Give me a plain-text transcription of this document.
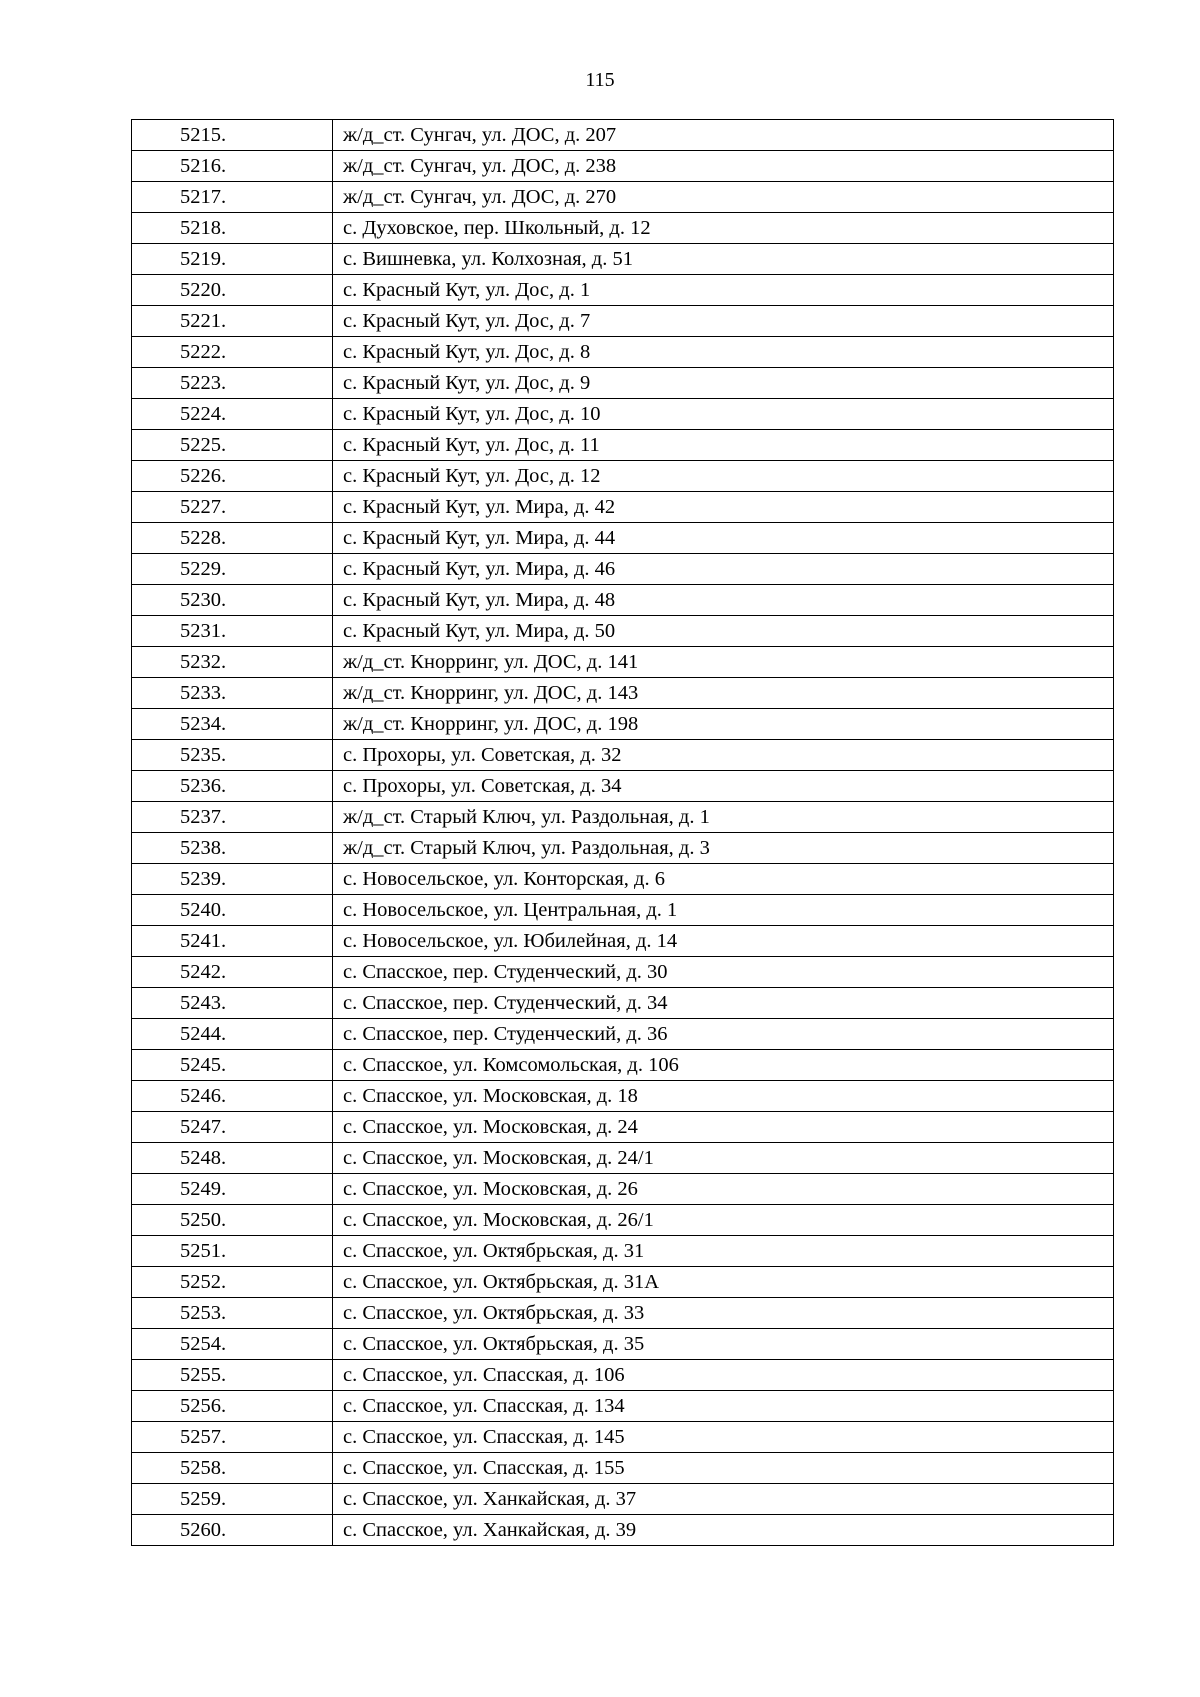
115
5215.	ж/д_ст. Сунгач, ул. ДОС, д. 207
5216.	ж/д_ст. Сунгач, ул. ДОС, д. 238
5217.	ж/д_ст. Сунгач, ул. ДОС, д. 270
5218.	с. Духовское, пер. Школьный, д. 12
5219.	с. Вишневка, ул. Колхозная, д. 51
5220.	с. Красный Кут, ул. Дос, д. 1
5221.	с. Красный Кут, ул. Дос, д. 7
5222.	с. Красный Кут, ул. Дос, д. 8
5223.	с. Красный Кут, ул. Дос, д. 9
5224.	с. Красный Кут, ул. Дос, д. 10
5225.	с. Красный Кут, ул. Дос, д. 11
5226.	с. Красный Кут, ул. Дос, д. 12
5227.	с. Красный Кут, ул. Мира, д. 42
5228.	с. Красный Кут, ул. Мира, д. 44
5229.	с. Красный Кут, ул. Мира, д. 46
5230.	с. Красный Кут, ул. Мира, д. 48
5231.	с. Красный Кут, ул. Мира, д. 50
5232.	ж/д_ст. Кнорринг, ул. ДОС, д. 141
5233.	ж/д_ст. Кнорринг, ул. ДОС, д. 143
5234.	ж/д_ст. Кнорринг, ул. ДОС, д. 198
5235.	с. Прохоры, ул. Советская, д. 32
5236.	с. Прохоры, ул. Советская, д. 34
5237.	ж/д_ст. Старый Ключ, ул. Раздольная, д. 1
5238.	ж/д_ст. Старый Ключ, ул. Раздольная, д. 3
5239.	с. Новосельское, ул. Конторская, д. 6
5240.	с. Новосельское, ул. Центральная, д. 1
5241.	с. Новосельское, ул. Юбилейная, д. 14
5242.	с. Спасское, пер. Студенческий, д. 30
5243.	с. Спасское, пер. Студенческий, д. 34
5244.	с. Спасское, пер. Студенческий, д. 36
5245.	с. Спасское, ул. Комсомольская, д. 106
5246.	с. Спасское, ул. Московская, д. 18
5247.	с. Спасское, ул. Московская, д. 24
5248.	с. Спасское, ул. Московская, д. 24/1
5249.	с. Спасское, ул. Московская, д. 26
5250.	с. Спасское, ул. Московская, д. 26/1
5251.	с. Спасское, ул. Октябрьская, д. 31
5252.	с. Спасское, ул. Октябрьская, д. 31А
5253.	с. Спасское, ул. Октябрьская, д. 33
5254.	с. Спасское, ул. Октябрьская, д. 35
5255.	с. Спасское, ул. Спасская, д. 106
5256.	с. Спасское, ул. Спасская, д. 134
5257.	с. Спасское, ул. Спасская, д. 145
5258.	с. Спасское, ул. Спасская, д. 155
5259.	с. Спасское, ул. Ханкайская, д. 37
5260.	с. Спасское, ул. Ханкайская, д. 39
